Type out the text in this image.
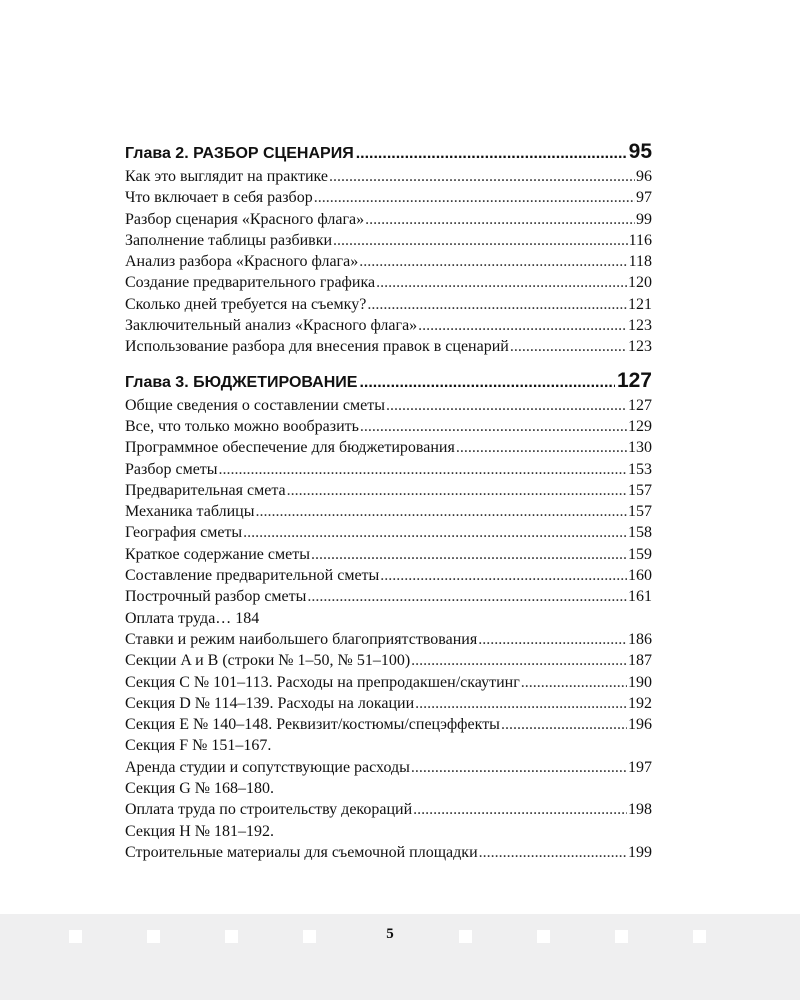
Глава 2. РАЗБОР СЦЕНАРИЯ .....	95
Как это выглядит на практике .....	96
Что включает в себя разбор .....	97
Разбор сценария «Красного флага» .....	99
Заполнение таблицы разбивки .....	116
Анализ разбора «Красного флага» .....	118
Создание предварительного графика .....	120
Сколько дней требуется на съемку? .....	121
Заключительный анализ «Красного флага» .....	123
Использование разбора для внесения правок в сценарий .....	123
Глава 3. БЮДЖЕТИРОВАНИЕ .....	127
Общие сведения о составлении сметы .....	127
Все, что только можно вообразить .....	129
Программное обеспечение для бюджетирования .....	130
Разбор сметы .....	153
Предварительная смета .....	157
Механика таблицы .....	157
География сметы .....	158
Краткое содержание сметы .....	159
Составление предварительной сметы .....	160
Построчный разбор сметы .....	161
Оплата труда… 184
Ставки и режим наибольшего благоприятствования .....	186
Секции A и B (строки № 1–50, № 51–100) .....	187
Секция C № 101–113. Расходы на препродакшен/скаутинг .....	190
Секция D № 114–139. Расходы на локации .....	192
Секция E № 140–148. Реквизит/костюмы/спецэффекты .....	196
Секция F № 151–167.
Аренда студии и сопутствующие расходы .....	197
Секция G № 168–180.
Оплата труда по строительству декораций .....	198
Секция H № 181–192.
Строительные материалы для съемочной площадки .....	199
5
